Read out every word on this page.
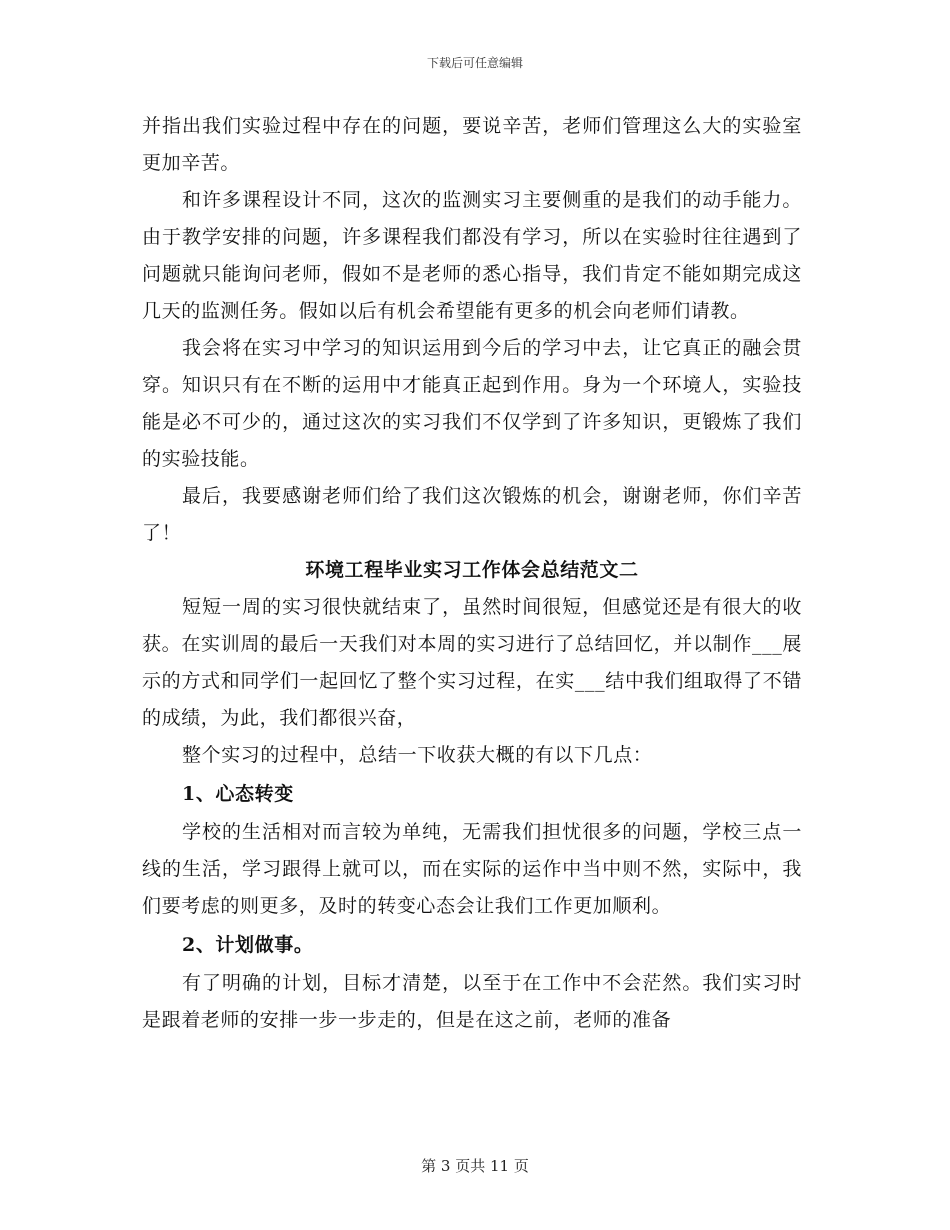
下载后可任意编辑

并指出我们实验过程中存在的问题，要说辛苦，老师们管理这么大的实验室更加辛苦。

和许多课程设计不同，这次的监测实习主要侧重的是我们的动手能力。由于教学安排的问题，许多课程我们都没有学习，所以在实验时往往遇到了问题就只能询问老师，假如不是老师的悉心指导，我们肯定不能如期完成这几天的监测任务。假如以后有机会希望能有更多的机会向老师们请教。

我会将在实习中学习的知识运用到今后的学习中去，让它真正的融会贯穿。知识只有在不断的运用中才能真正起到作用。身为一个环境人，实验技能是必不可少的，通过这次的实习我们不仅学到了许多知识，更锻炼了我们的实验技能。

最后，我要感谢老师们给了我们这次锻炼的机会，谢谢老师，你们辛苦了！

环境工程毕业实习工作体会总结范文二

短短一周的实习很快就结束了，虽然时间很短，但感觉还是有很大的收获。在实训周的最后一天我们对本周的实习进行了总结回忆，并以制作___展示的方式和同学们一起回忆了整个实习过程，在实___结中我们组取得了不错的成绩，为此，我们都很兴奋，

整个实习的过程中，总结一下收获大概的有以下几点：

1、心态转变

学校的生活相对而言较为单纯，无需我们担忧很多的问题，学校三点一线的生活，学习跟得上就可以，而在实际的运作中当中则不然，实际中，我们要考虑的则更多，及时的转变心态会让我们工作更加顺利。

2、计划做事。

有了明确的计划，目标才清楚，以至于在工作中不会茫然。我们实习时是跟着老师的安排一步一步走的，但是在这之前，老师的准备

第 3 页共 11 页
